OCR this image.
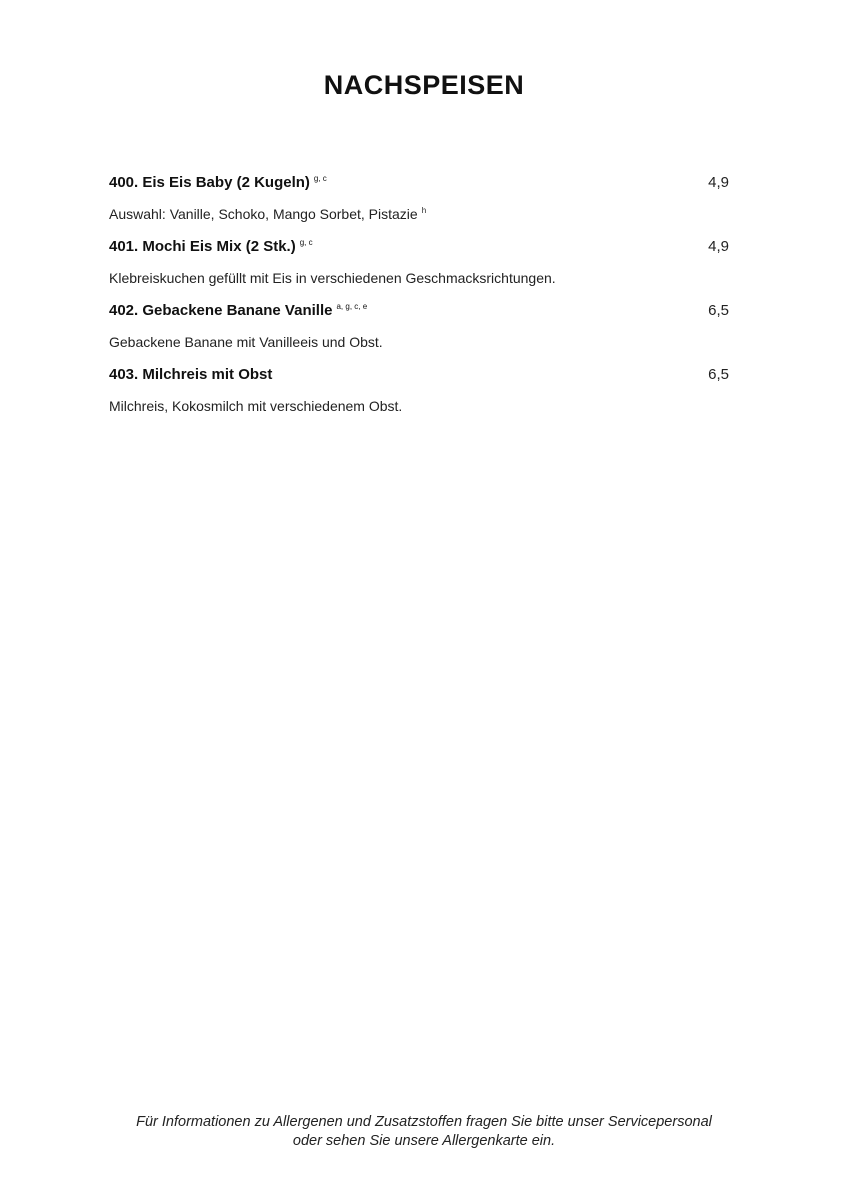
NACHSPEISEN
400. Eis Eis Baby (2 Kugeln) $^{g, c}$	4,9
Auswahl: Vanille, Schoko, Mango Sorbet, Pistazie $^h$
401. Mochi Eis Mix (2 Stk.) $^{g, c}$	4,9
Klebreiskuchen gefüllt mit Eis in verschiedenen Geschmacksrichtungen.
402. Gebackene Banane Vanille $^{a, g, c, e}$	6,5
Gebackene Banane mit Vanilleeis und Obst.
403. Milchreis mit Obst	6,5
Milchreis, Kokosmilch mit verschiedenem Obst.
Für Informationen zu Allergenen und Zusatzstoffen fragen Sie bitte unser Servicepersonal
oder sehen Sie unsere Allergenkarte ein.
